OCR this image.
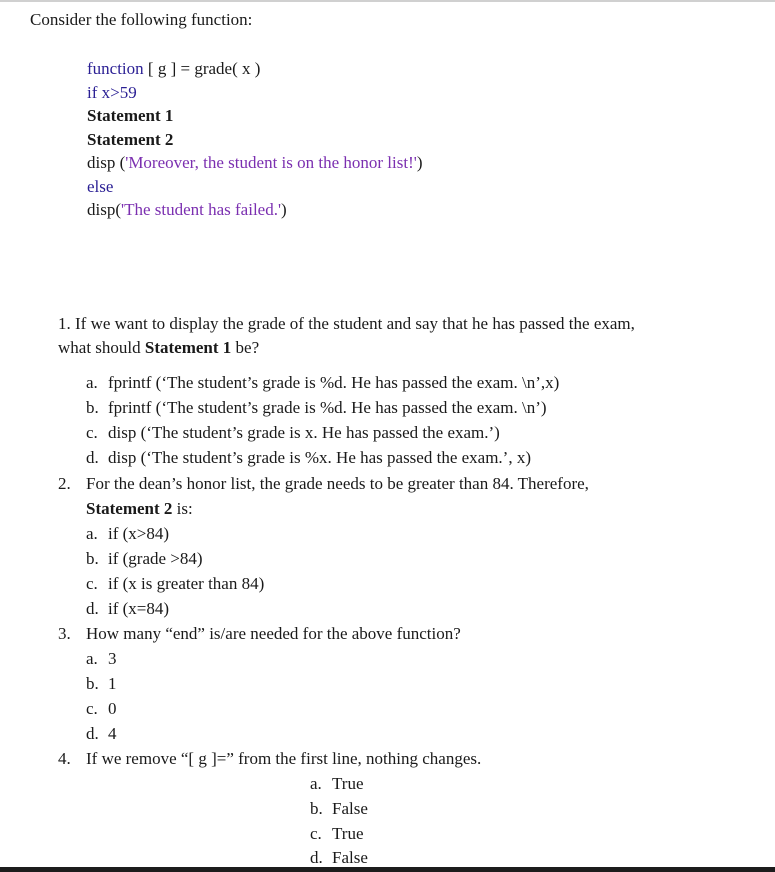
Consider the following function:
function [ g ] = grade( x )
if x>59
Statement 1
Statement 2
disp ('Moreover, the student is on the honor list!')
else
disp('The student has failed.')
1. If we want to display the grade of the student and say that he has passed the exam,
what should Statement 1 be?
a. fprintf (‘The student’s grade is %d. He has passed the exam. \n’,x)
b. fprintf (‘The student’s grade is %d. He has passed the exam. \n’)
c. disp (‘The student’s grade is x. He has passed the exam.’)
d. disp (‘The student’s grade is %x. He has passed the exam.’, x)
2. For the dean’s honor list, the grade needs to be greater than 84. Therefore,
Statement 2 is:
a. if (x>84)
b. if (grade >84)
c. if (x is greater than 84)
d. if (x=84)
3. How many “end” is/are needed for the above function?
a. 3
b. 1
c. 0
d. 4
4. If we remove “[ g ]=” from the first line, nothing changes.
a. True
b. False
c. True
d. False
